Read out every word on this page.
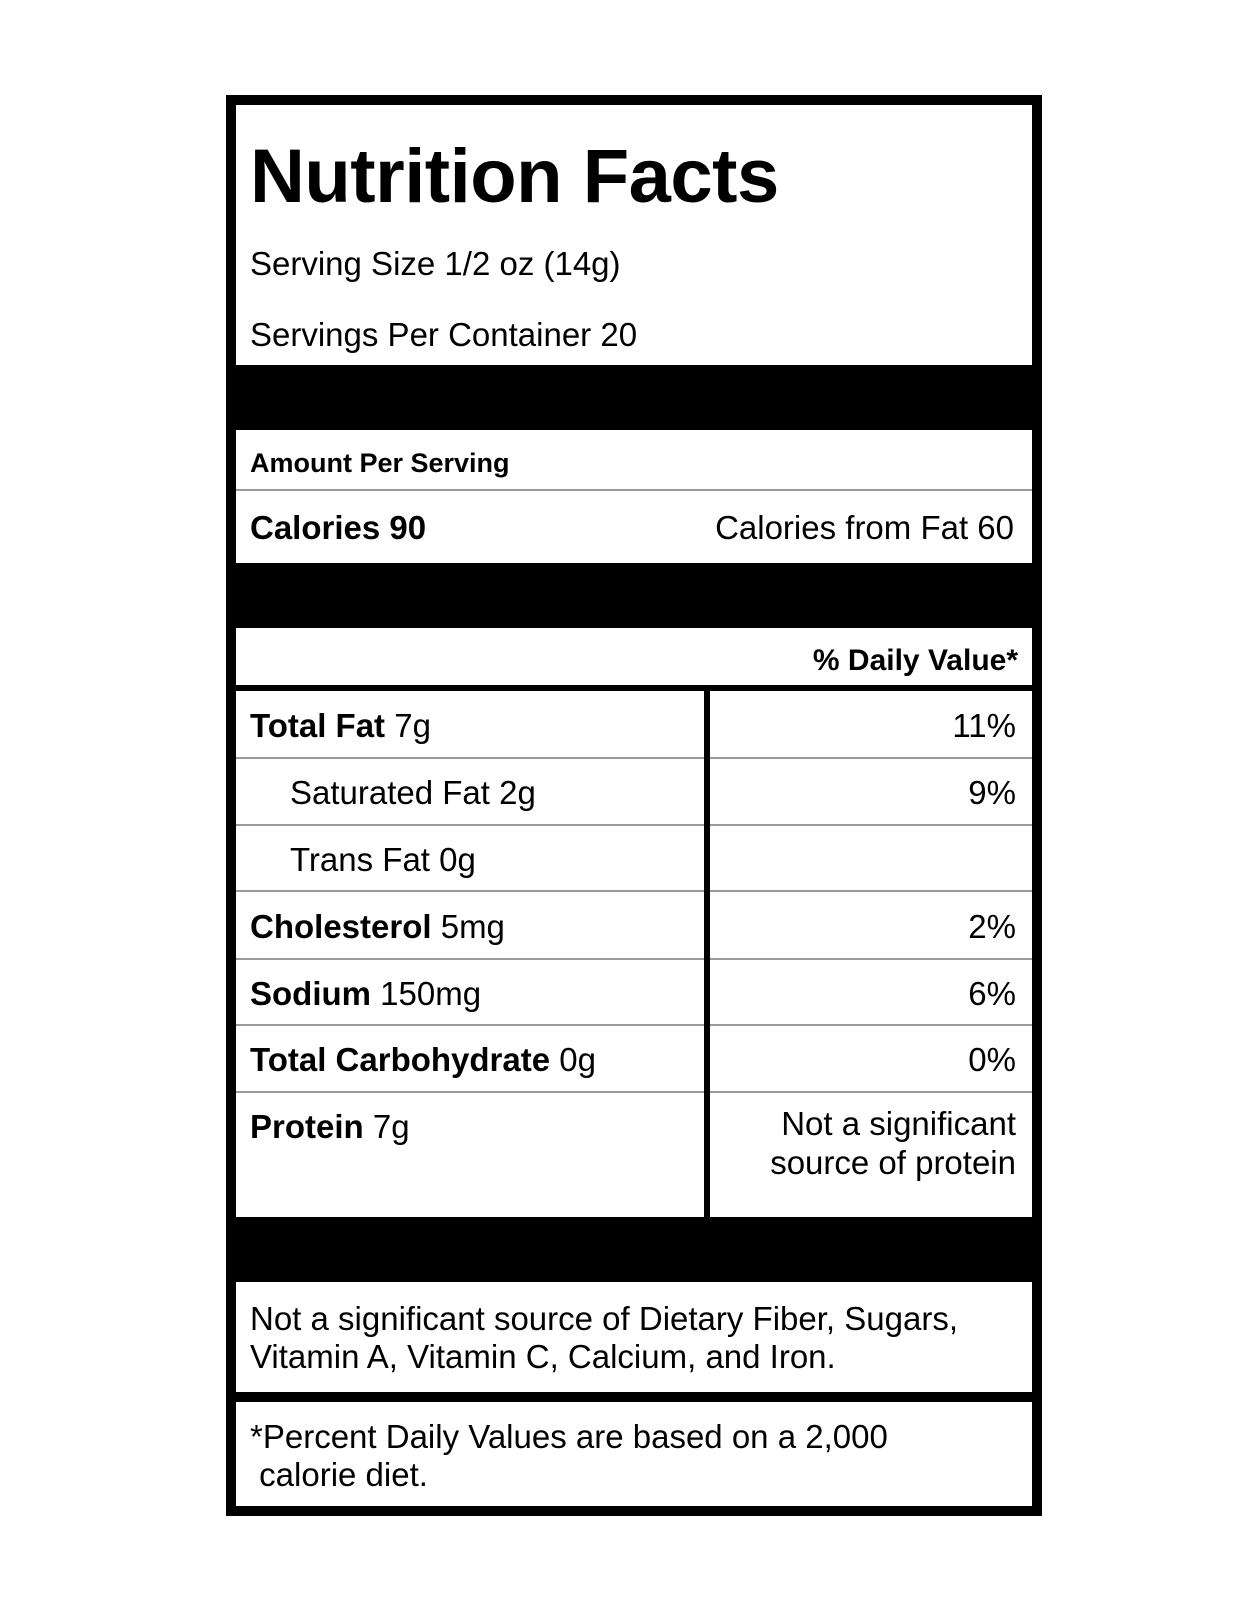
Nutrition Facts
Serving Size 1/2 oz (14g)
Servings Per Container 20
Amount Per Serving
Calories 90	Calories from Fat 60
% Daily Value*
Total Fat 7g	11%
Saturated Fat 2g	9%
Trans Fat 0g
Cholesterol 5mg	2%
Sodium 150mg	6%
Total Carbohydrate 0g	0%
Protein 7g	Not a significant
source of protein
Not a significant source of Dietary Fiber, Sugars,
Vitamin A, Vitamin C, Calcium, and Iron.
*Percent Daily Values are based on a 2,000
calorie diet.
